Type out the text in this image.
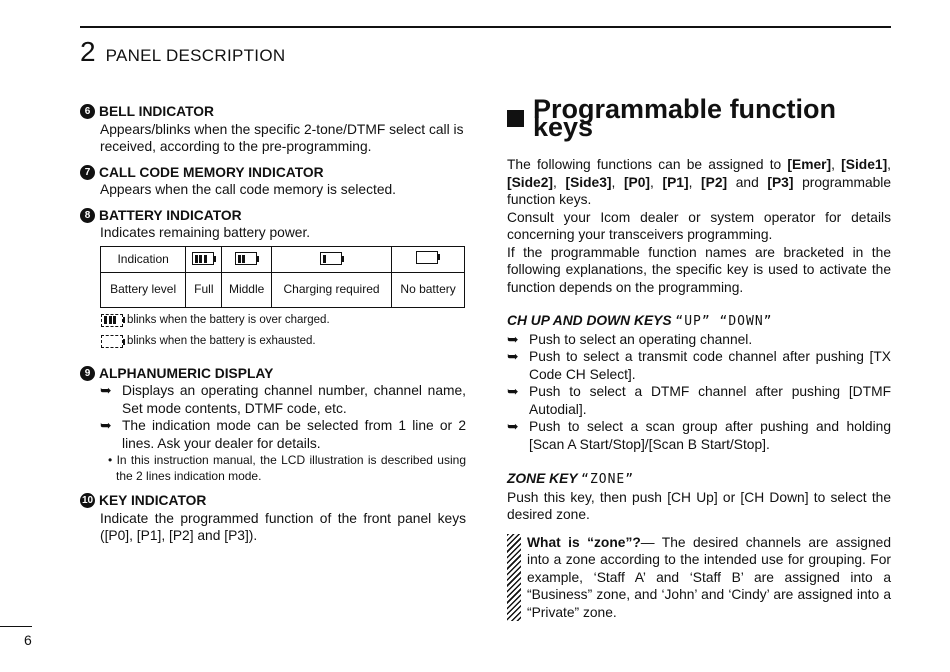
2 PANEL DESCRIPTION
6 BELL INDICATOR
Appears/blinks when the specific 2-tone/DTMF select call is received, according to the pre-programming.
7 CALL CODE MEMORY INDICATOR
Appears when the call code memory is selected.
8 BATTERY INDICATOR
Indicates remaining battery power.
Indication	

Battery level	Full	Middle	Charging required	No battery
blinks when the battery is over charged.
blinks when the battery is exhausted.
9 ALPHANUMERIC DISPLAY
➥ Displays an operating channel number, channel name, Set mode contents, DTMF code, etc.
➥ The indication mode can be selected from 1 line or 2 lines. Ask your dealer for details.
• In this instruction manual, the LCD illustration is described using the 2 lines indication mode.
10 KEY INDICATOR
Indicate the programmed function of the front panel keys ([P0], [P1], [P2] and [P3]).
Programmable function keys
The following functions can be assigned to [Emer], [Side1], [Side2], [Side3], [P0], [P1], [P2] and [P3] programmable function keys.
Consult your Icom dealer or system operator for details concerning your transceivers programming.
If the programmable function names are bracketed in the following explanations, the specific key is used to activate the function depends on the programming.
CH UP AND DOWN KEYS “UP” “DOWN”
➥ Push to select an operating channel.
➥ Push to select a transmit code channel after pushing [TX Code CH Select].
➥ Push to select a DTMF channel after pushing [DTMF Autodial].
➥ Push to select a scan group after pushing and holding [Scan A Start/Stop]/[Scan B Start/Stop].
ZONE KEY “ZONE”
Push this key, then push [CH Up] or [CH Down] to select the desired zone.
What is “zone”?— The desired channels are assigned into a zone according to the intended use for grouping. For example, ‘Staff A’ and ‘Staff B’ are assigned into a “Business” zone, and ‘John’ and ‘Cindy’ are assigned into a “Private” zone.
6
